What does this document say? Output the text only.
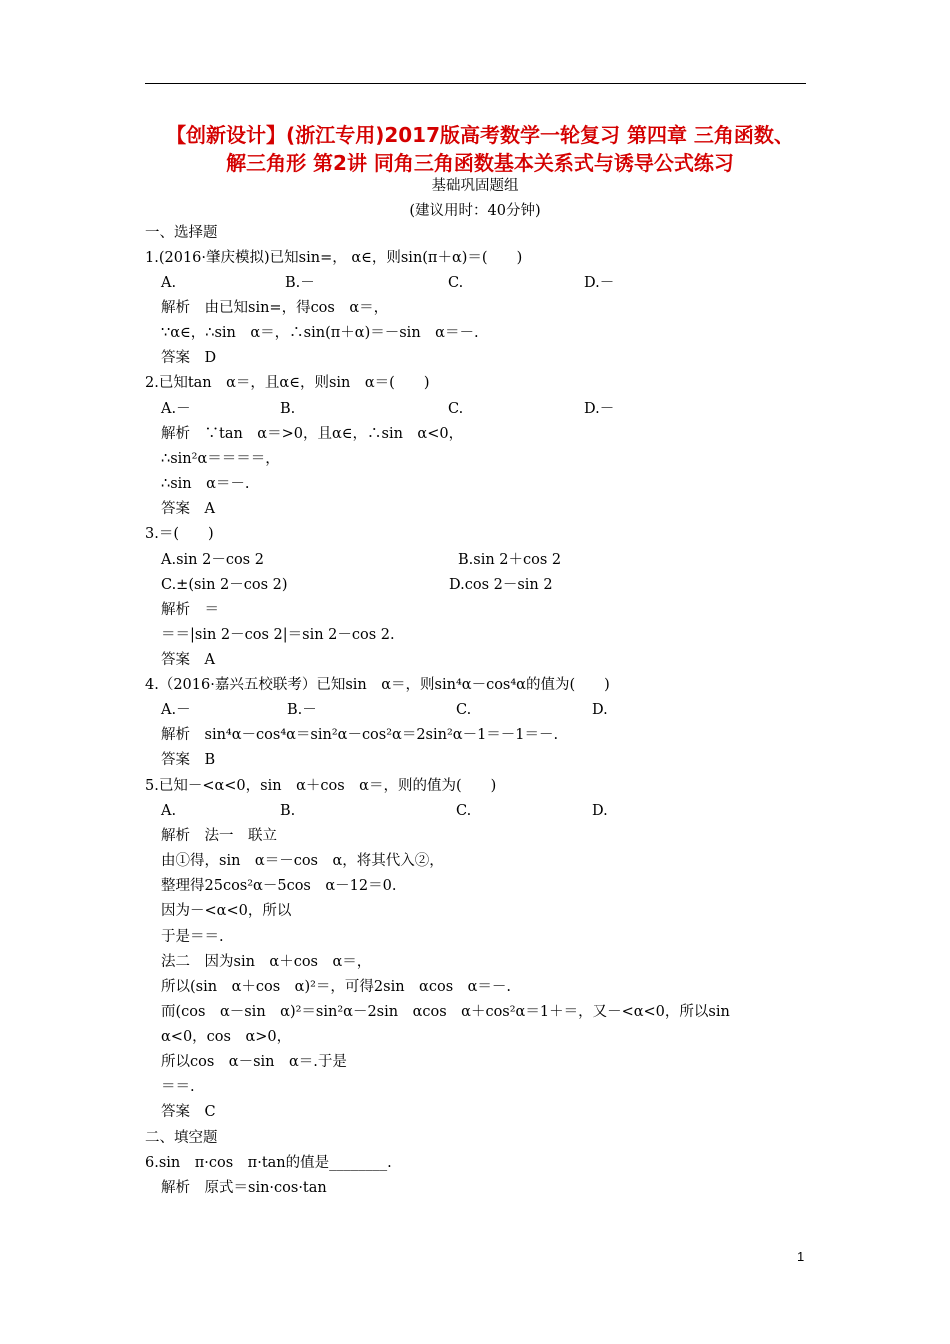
【创新设计】(浙江专用)2017版高考数学一轮复习 第四章 三角函数、
解三角形 第2讲 同角三角函数基本关系式与诱导公式练习
基础巩固题组
(建议用时：40分钟)
一、选择题
1.(2016·肇庆模拟)已知sin=， α∈，则sin(π＋α)＝(　　)
A.	B.－	C.	D.－
解析　由已知sin=，得cos　α＝，
∵α∈，∴sin　α＝，∴sin(π＋α)＝－sin　α＝－.
答案　D
2.已知tan　α＝，且α∈，则sin　α＝(　　)
A.－	B.	C.	D.－
解析　∵tan　α＝>0，且α∈，∴sin　α<0，
∴sin²α＝＝＝＝，
∴sin　α＝－.
答案　A
3.＝(　　)
A.sin 2－cos 2	B.sin 2＋cos 2
C.±(sin 2－cos 2)	D.cos 2－sin 2
解析　＝
＝＝|sin 2－cos 2|＝sin 2－cos 2.
答案　A
4.（2016·嘉兴五校联考）已知sin　α＝，则sin⁴α－cos⁴α的值为(　　)
A.－	B.－	C.	D.
解析　sin⁴α－cos⁴α＝sin²α－cos²α＝2sin²α－1＝－1＝－.
答案　B
5.已知－<α<0，sin　α＋cos　α＝，则的值为(　　)
A.	B.	C.	D.
解析　法一　联立
由①得，sin　α＝－cos　α，将其代入②，
整理得25cos²α－5cos　α－12＝0.
因为－<α<0，所以
于是＝＝.
法二　因为sin　α＋cos　α＝，
所以(sin　α＋cos　α)²＝，可得2sin　αcos　α＝－.
而(cos　α－sin　α)²＝sin²α－2sin　αcos　α＋cos²α＝1＋＝，又－<α<0，所以sin
α<0，cos　α>0，
所以cos　α－sin　α＝.于是
＝＝.
答案　C
二、填空题
6.sin　π·cos　π·tan的值是________.
解析　原式＝sin·cos·tan
1
